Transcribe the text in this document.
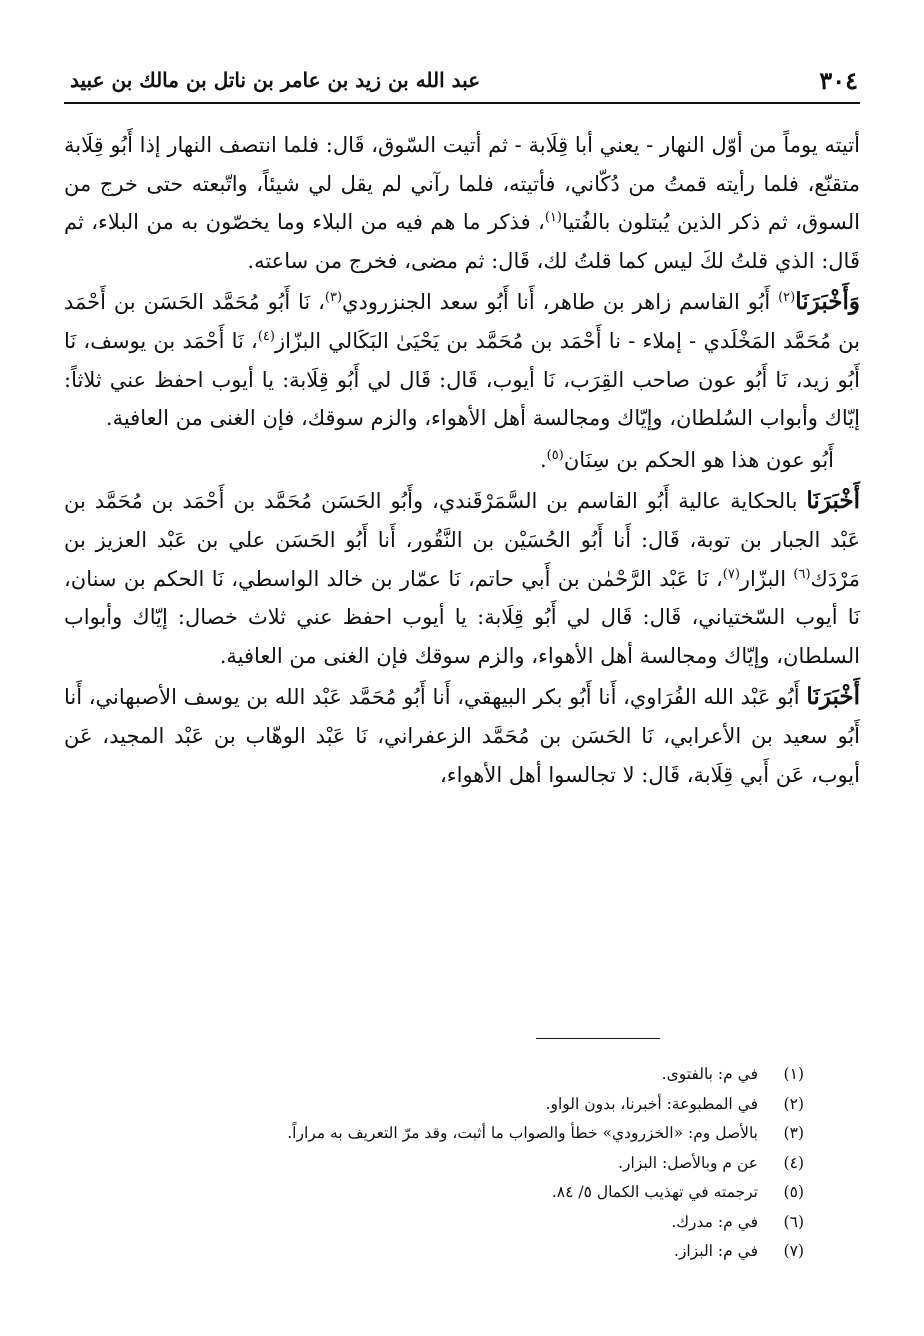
٣٠٤
عبد الله بن زيد بن عامر بن ناتل بن مالك بن عبيد

أتيته يوماً من أوّل النهار - يعني أبا قِلَابة - ثم أتيت السّوق، قَال: فلما انتصف النهار إذا أَبُو قِلَابة متقنّع، فلما رأيته قمتُ من دُكّاني، فأتيته، فلما رآني لم يقل لي شيئاً، واتّبعته حتى خرج من السوق، ثم ذكر الذين يُبتلون بالفُتيا$^{(١)}$، فذكر ما هم فيه من البلاء وما يخصّون به من البلاء، ثم قَال: الذي قلتُ لكَ ليس كما قلتُ لك، قَال: ثم مضى، فخرج من ساعته.

وَأَخْبَرَنَا$^{(٢)}$ أَبُو القاسم زاهر بن طاهر، أَنا أَبُو سعد الجنزرودي$^{(٣)}$، نَا أَبُو مُحَمَّد الحَسَن بن أَحْمَد بن مُحَمَّد المَخْلَدي - إملاء - نا أَحْمَد بن مُحَمَّد بن يَحْيَىٰ البَكَالي البزّاز$^{(٤)}$، نَا أَحْمَد بن يوسف، نَا أَبُو زيد، نَا أَبُو عون صاحب القِرَب، نَا أيوب، قَال: قَال لي أَبُو قِلَابة: يا أيوب احفظ عني ثلاثاً: إيّاك وأبواب السُلطان، وإيّاك ومجالسة أهل الأهواء، والزم سوقك، فإن الغنى من العافية.

أَبُو عون هذا هو الحكم بن سِنَان$^{(٥)}$.

أَخْبَرَنَا بالحكاية عالية أَبُو القاسم بن السَّمَرْقَندي، وأَبُو الحَسَن مُحَمَّد بن أَحْمَد بن مُحَمَّد بن عَبْد الجبار بن توبة، قَال: أَنا أَبُو الحُسَيْن بن النَّقُور، أَنا أَبُو الحَسَن علي بن عَبْد العزيز بن مَرْدَك$^{(٦)}$ البزّار$^{(٧)}$، نَا عَبْد الرَّحْمٰن بن أَبي حاتم، نَا عمّار بن خالد الواسطي، نَا الحكم بن سنان، نَا أيوب السّختياني، قَال: قَال لي أَبُو قِلَابة: يا أيوب احفظ عني ثلاث خصال: إيّاك وأبواب السلطان، وإيّاك ومجالسة أهل الأهواء، والزم سوقك فإن الغنى من العافية.

أَخْبَرَنَا أَبُو عَبْد الله الفُرَاوي، أَنا أَبُو بكر البيهقي، أَنا أَبُو مُحَمَّد عَبْد الله بن يوسف الأصبهاني، أَنا أَبُو سعيد بن الأعرابي، نَا الحَسَن بن مُحَمَّد الزعفراني، نَا عَبْد الوهّاب بن عَبْد المجيد، عَن أيوب، عَن أَبي قِلَابة، قَال: لا تجالسوا أهل الأهواء،

(١)في م: بالفتوى.
(٢)في المطبوعة: أخبرنا، بدون الواو.
(٣)بالأصل وم: «الخزرودي» خطأ والصواب ما أثبت، وقد مرّ التعريف به مراراً.
(٤)عن م وبالأصل: البزار.
(٥)ترجمته في تهذيب الكمال ٥/ ٨٤.
(٦)في م: مدرك.
(٧)في م: البزاز.
